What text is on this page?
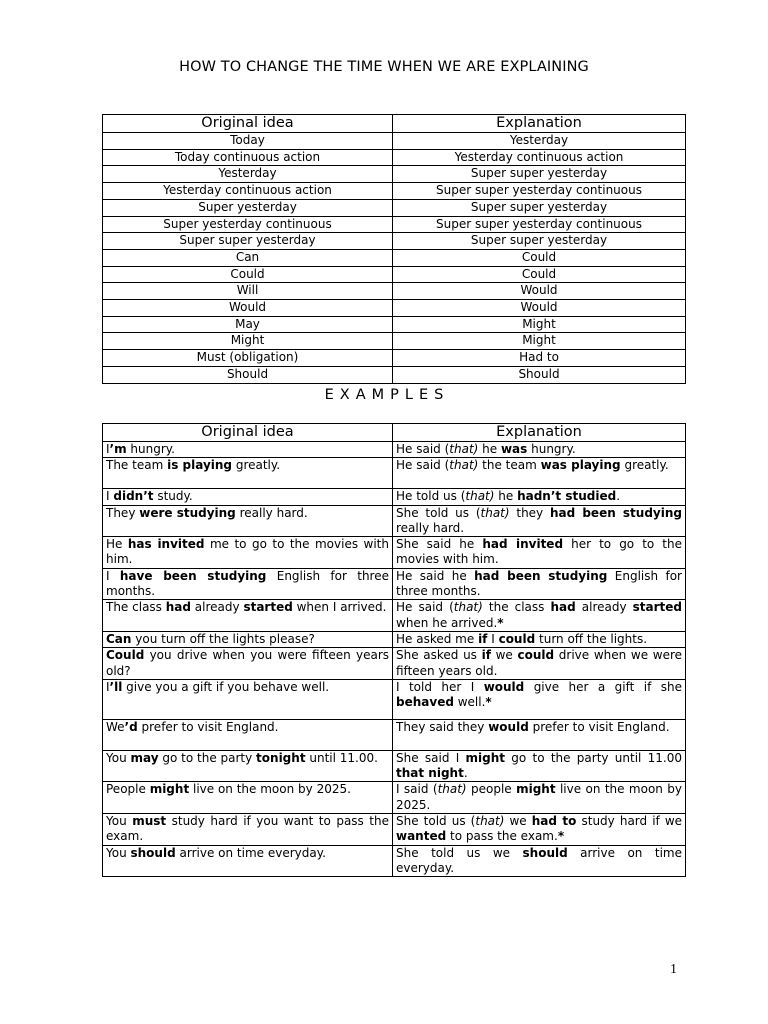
HOW TO CHANGE THE TIME WHEN WE ARE EXPLAINING
Original idea	Explanation
Today	Yesterday
Today continuous action	Yesterday continuous action
Yesterday	Super super yesterday
Yesterday continuous action	Super super yesterday continuous
Super yesterday	Super super yesterday
Super yesterday continuous	Super super yesterday continuous
Super super yesterday	Super super yesterday
Can	Could
Could	Could
Will	Would
Would	Would
May	Might
Might	Might
Must (obligation)	Had to
Should	Should
EXAMPLES
Original idea	Explanation
I’m hungry.	He said (that) he was hungry.
The team is playing greatly.	He said (that) the team was playing greatly.
I didn’t study.	He told us (that) he hadn’t studied.
They were studying really hard.	She told us (that) they had been studying really hard.
He has invited me to go to the movies with him.	She said he had invited her to go to the movies with him.
I have been studying English for three months.	He said he had been studying English for three months.
The class had already started when I arrived.	He said (that) the class had already started when he arrived.*
Can you turn off the lights please?	He asked me if I could turn off the lights.
Could you drive when you were fifteen years old?	She asked us if we could drive when we were fifteen years old.
I’ll give you a gift if you behave well.	I told her I would give her a gift if she behaved well.*
We’d prefer to visit England.	They said they would prefer to visit England.
You may go to the party tonight until 11.00.	She said I might go to the party until 11.00 that night.
People might live on the moon by 2025.	I said (that) people might live on the moon by 2025.
You must study hard if you want to pass the exam.	She told us (that) we had to study hard if we wanted to pass the exam.*
You should arrive on time everyday.	She told us we should arrive on time everyday.
1
